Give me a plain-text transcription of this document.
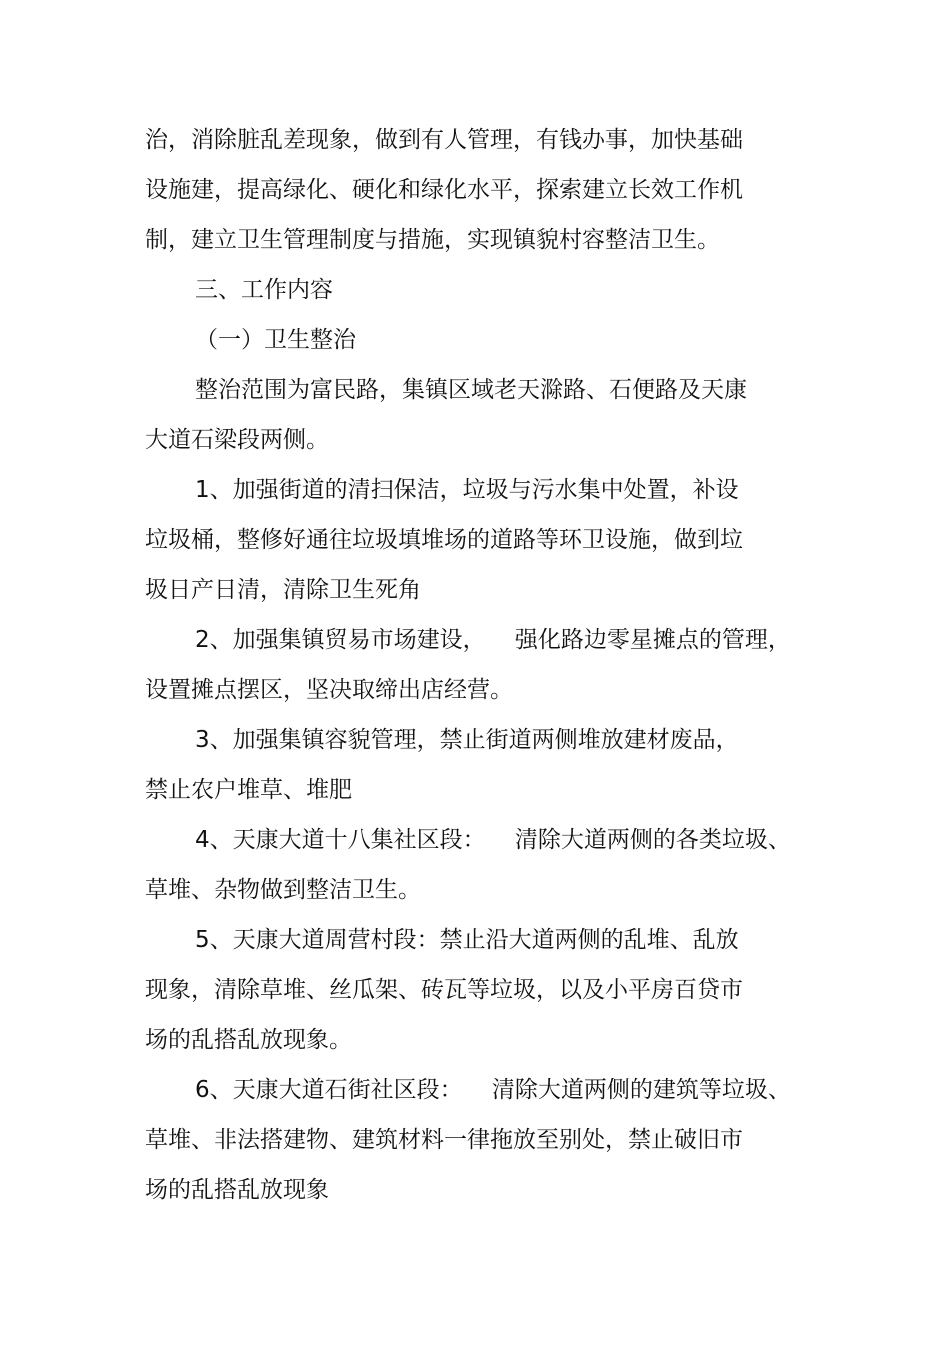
治，消除脏乱差现象，做到有人管理，有钱办事，加快基础
设施建，提高绿化、硬化和绿化水平，探索建立长效工作机
制，建立卫生管理制度与措施，实现镇貌村容整洁卫生。
三、工作内容
（一）卫生整治
整治范围为富民路，集镇区域老天滁路、石便路及天康
大道石梁段两侧。
1、加强街道的清扫保洁，垃圾与污水集中处置，补设
垃圾桶，整修好通往垃圾填堆场的道路等环卫设施，做到垃
圾日产日清，清除卫生死角
2、加强集镇贸易市场建设，    强化路边零星摊点的管理，
设置摊点摆区，坚决取缔出店经营。
3、加强集镇容貌管理，禁止街道两侧堆放建材废品，
禁止农户堆草、堆肥
4、天康大道十八集社区段：    清除大道两侧的各类垃圾、
草堆、杂物做到整洁卫生。
5、天康大道周营村段：禁止沿大道两侧的乱堆、乱放
现象，清除草堆、丝瓜架、砖瓦等垃圾，以及小平房百贷市
场的乱搭乱放现象。
6、天康大道石街社区段：    清除大道两侧的建筑等垃圾、
草堆、非法搭建物、建筑材料一律拖放至别处，禁止破旧市
场的乱搭乱放现象
